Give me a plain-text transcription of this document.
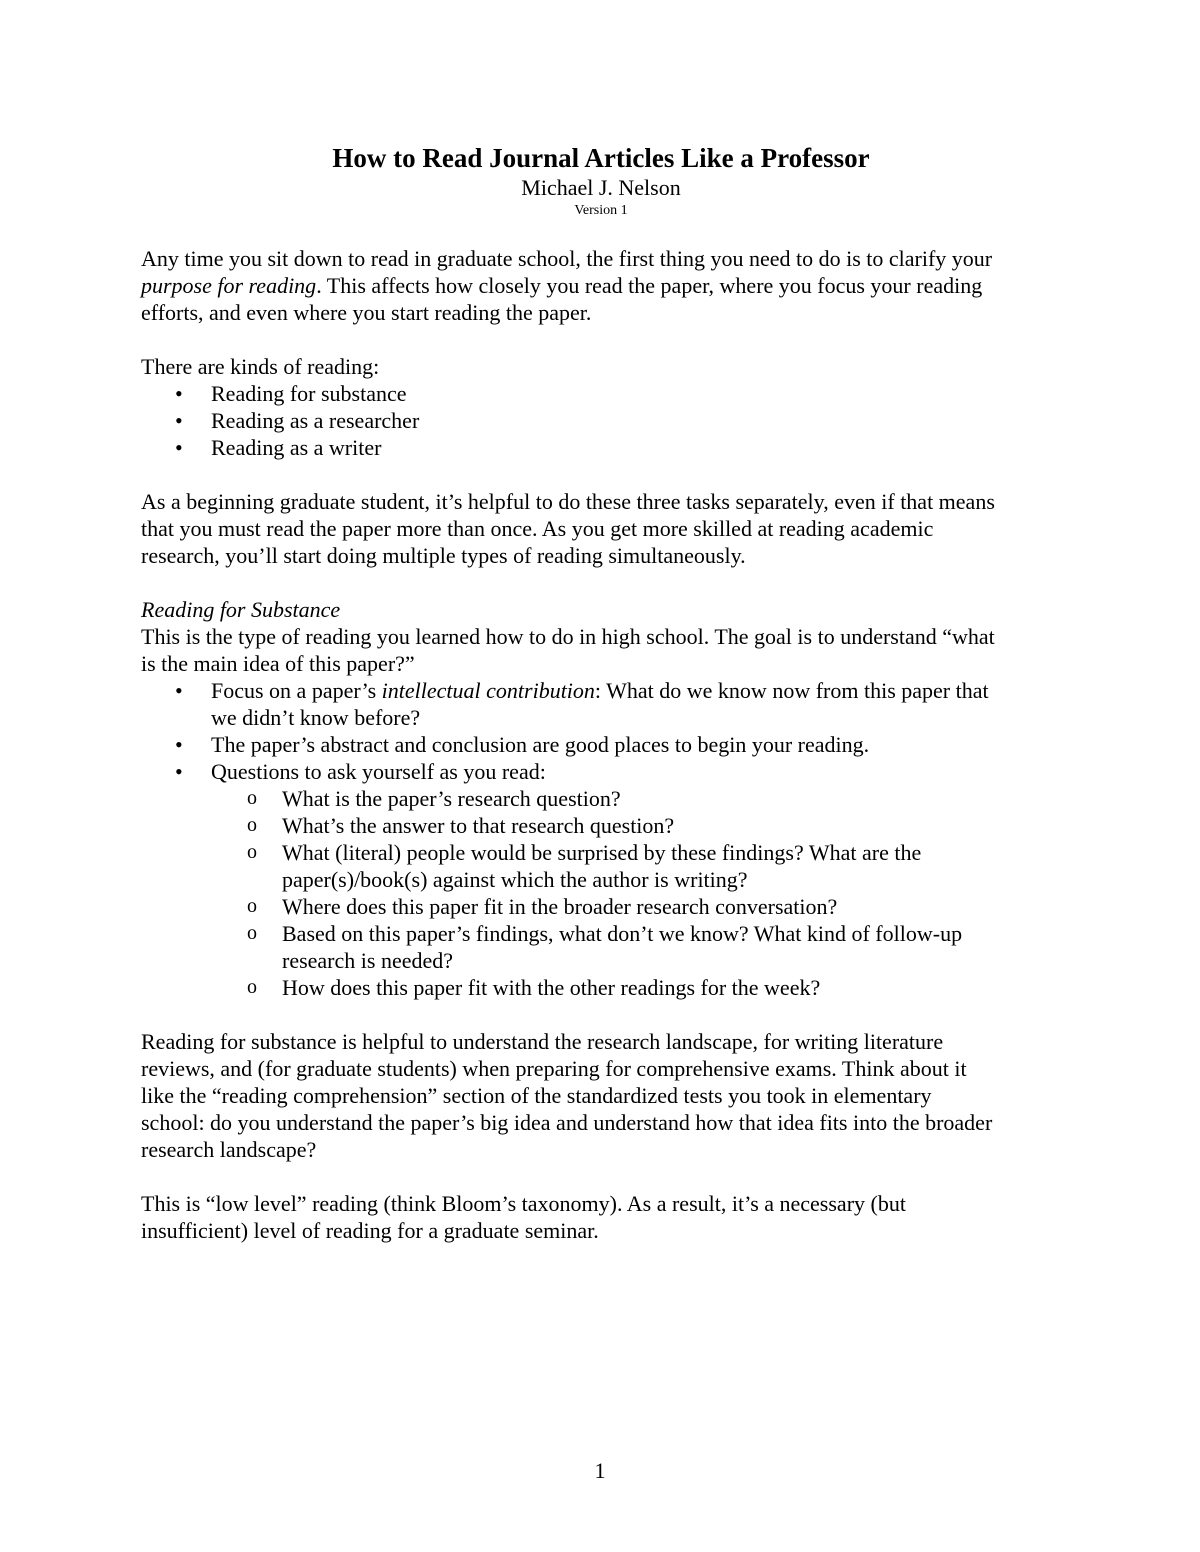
How to Read Journal Articles Like a Professor
Michael J. Nelson
Version 1

Any time you sit down to read in graduate school, the first thing you need to do is to clarify your
purpose for reading. This affects how closely you read the paper, where you focus your reading
efforts, and even where you start reading the paper.

There are kinds of reading:
• Reading for substance
• Reading as a researcher
• Reading as a writer

As a beginning graduate student, it’s helpful to do these three tasks separately, even if that means
that you must read the paper more than once. As you get more skilled at reading academic
research, you’ll start doing multiple types of reading simultaneously.

Reading for Substance
This is the type of reading you learned how to do in high school. The goal is to understand “what
is the main idea of this paper?”
• Focus on a paper’s intellectual contribution: What do we know now from this paper that
we didn’t know before?
• The paper’s abstract and conclusion are good places to begin your reading.
• Questions to ask yourself as you read:
o What is the paper’s research question?
o What’s the answer to that research question?
o What (literal) people would be surprised by these findings? What are the
paper(s)/book(s) against which the author is writing?
o Where does this paper fit in the broader research conversation?
o Based on this paper’s findings, what don’t we know? What kind of follow-up
research is needed?
o How does this paper fit with the other readings for the week?

Reading for substance is helpful to understand the research landscape, for writing literature
reviews, and (for graduate students) when preparing for comprehensive exams. Think about it
like the “reading comprehension” section of the standardized tests you took in elementary
school: do you understand the paper’s big idea and understand how that idea fits into the broader
research landscape?

This is “low level” reading (think Bloom’s taxonomy). As a result, it’s a necessary (but
insufficient) level of reading for a graduate seminar.

1
